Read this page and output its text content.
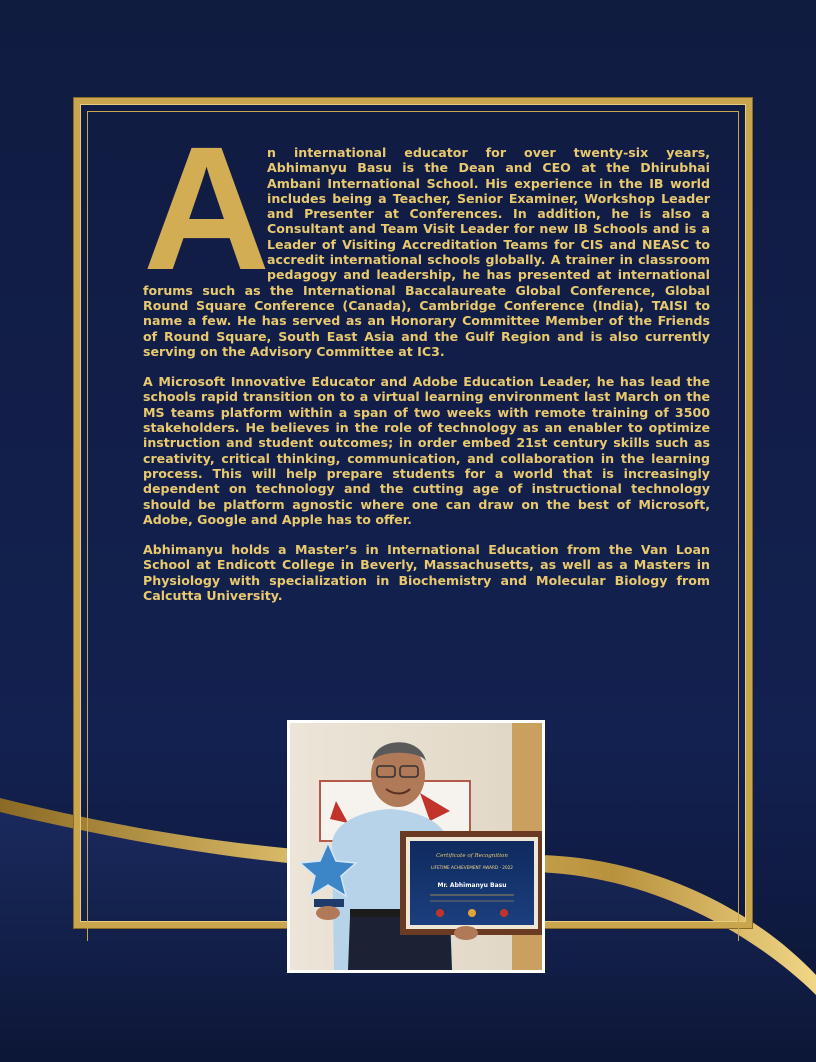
An international educator for over twenty-six years, Abhimanyu Basu is the Dean and CEO at the Dhirubhai Ambani International School. His experience in the IB world includes being a Teacher, Senior Examiner, Workshop Leader and Presenter at Conferences. In addition, he is also a Consultant and Team Visit Leader for new IB Schools and is a Leader of Visiting Accreditation Teams for CIS and NEASC to accredit international schools globally. A trainer in classroom pedagogy and leadership, he has presented at international forums such as the International Baccalaureate Global Conference, Global Round Square Conference (Canada), Cambridge Conference (India), TAISI to name a few. He has served as an Honorary Committee Member of the Friends of Round Square, South East Asia and the Gulf Region and is also currently serving on the Advisory Committee at IC3.

A Microsoft Innovative Educator and Adobe Education Leader, he has lead the schools rapid transition on to a virtual learning environment last March on the MS teams platform within a span of two weeks with remote training of 3500 stakeholders. He believes in the role of technology as an enabler to optimize instruction and student outcomes; in order embed 21st century skills such as creativity, critical thinking, communication, and collaboration in the learning process. This will help prepare students for a world that is increasingly dependent on technology and the cutting age of instructional technology should be platform agnostic where one can draw on the best of Microsoft, Adobe, Google and Apple has to offer.

Abhimanyu holds a Master’s in International Education from the Van Loan School at Endicott College in Beverly, Massachusetts, as well as a Masters in Physiology with specialization in Biochemistry and Molecular Biology from Calcutta University.

Certificate of Recognition
LIFETIME ACHIEVEMENT AWARD - 2022
Mr. Abhimanyu Basu
